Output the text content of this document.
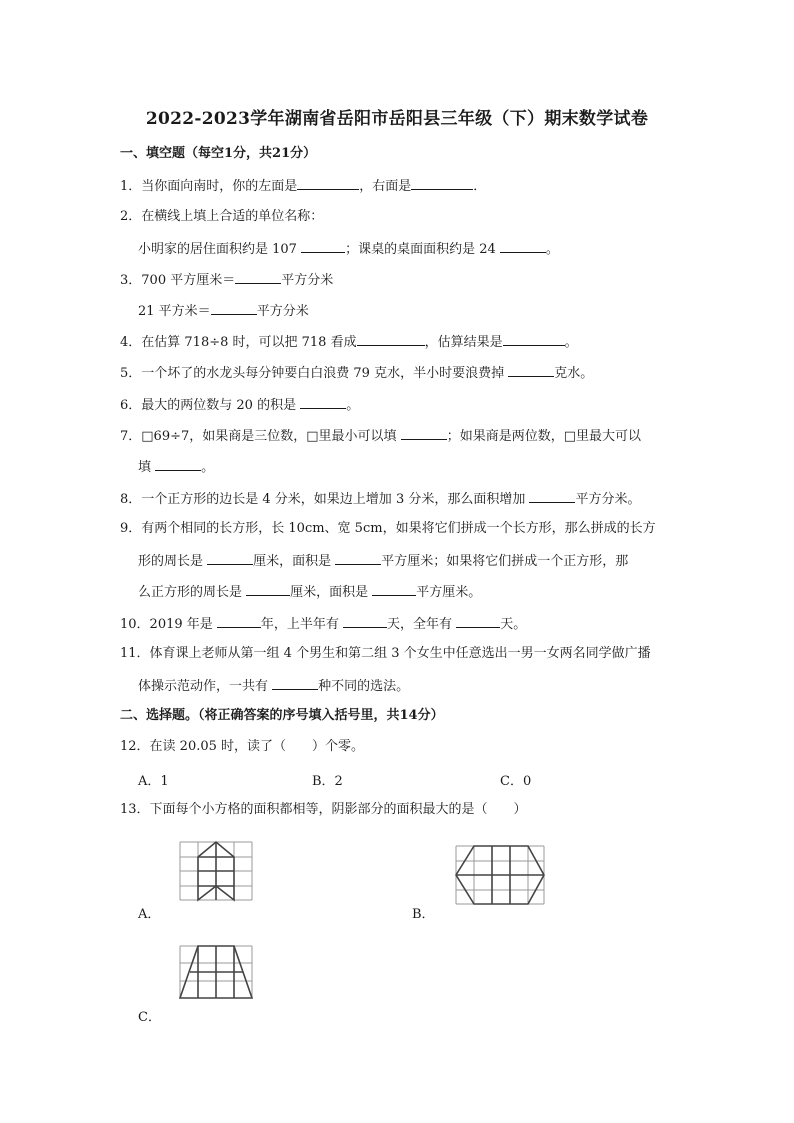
2022-2023学年湖南省岳阳市岳阳县三年级（下）期末数学试卷
一、填空题（每空1分，共21分）
1．当你面向南时，你的左面是	，右面是	．
2．在横线上填上合适的单位名称：
小明家的居住面积约是 107	；课桌的桌面面积约是 24	。
3．700 平方厘米＝	平方分米
21 平方米＝	平方分米
4．在估算 718÷8 时，可以把 718 看成	，估算结果是	。
5．一个坏了的水龙头每分钟要白白浪费 79 克水，半小时要浪费掉	克水。
6．最大的两位数与 20 的积是	。
7．□69÷7，如果商是三位数，□里最小可以填	；如果商是两位数，□里最大可以
填	。
8．一个正方形的边长是 4 分米，如果边上增加 3 分米，那么面积增加	平方分米。
9．有两个相同的长方形，长 10cm、宽 5cm，如果将它们拼成一个长方形，那么拼成的长方
形的周长是	厘米，面积是	平方厘米；如果将它们拼成一个正方形，那
么正方形的周长是	厘米，面积是	平方厘米。
10．2019 年是	年，上半年有	天，全年有	天。
11．体育课上老师从第一组 4 个男生和第二组 3 个女生中任意选出一男一女两名同学做广播
体操示范动作，一共有	种不同的选法。
二、选择题。（将正确答案的序号填入括号里，共14分）
12．在读 20.05 时，读了（　　）个零。
A．1	B．2	C．0
13．下面每个小方格的面积都相等，阴影部分的面积最大的是（　　）
A．	B．
C．
